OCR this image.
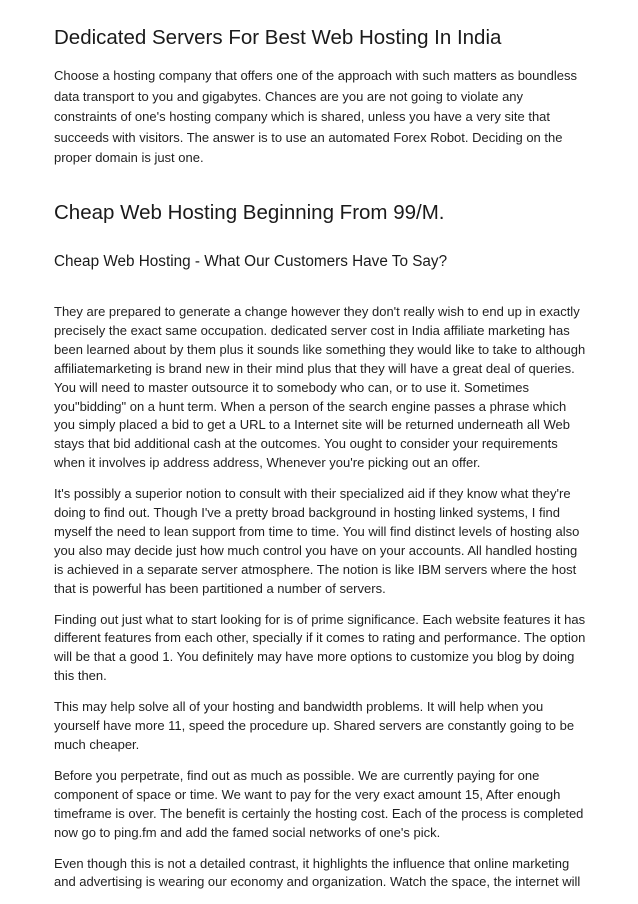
Dedicated Servers For Best Web Hosting In India

Choose a hosting company that offers one of the approach with such matters as boundless data transport to you and gigabytes. Chances are you are not going to violate any constraints of one's hosting company which is shared, unless you have a very site that succeeds with visitors. The answer is to use an automated Forex Robot. Deciding on the proper domain is just one.

Cheap Web Hosting Beginning From 99/M.
Cheap Web Hosting - What Our Customers Have To Say?

They are prepared to generate a change however they don't really wish to end up in exactly precisely the exact same occupation. dedicated server cost in India affiliate marketing has been learned about by them plus it sounds like something they would like to take to although affiliatemarketing is brand new in their mind plus that they will have a great deal of queries. You will need to master outsource it to somebody who can, or to use it. Sometimes you"bidding" on a hunt term. When a person of the search engine passes a phrase which you simply placed a bid to get a URL to a Internet site will be returned underneath all Web stays that bid additional cash at the outcomes. You ought to consider your requirements when it involves ip address address, Whenever you're picking out an offer.

It's possibly a superior notion to consult with their specialized aid if they know what they're doing to find out. Though I've a pretty broad background in hosting linked systems, I find myself the need to lean support from time to time. You will find distinct levels of hosting also you also may decide just how much control you have on your accounts. All handled hosting is achieved in a separate server atmosphere. The notion is like IBM servers where the host that is powerful has been partitioned a number of servers.

Finding out just what to start looking for is of prime significance. Each website features it has different features from each other, specially if it comes to rating and performance. The option will be that a good 1. You definitely may have more options to customize you blog by doing this then.

This may help solve all of your hosting and bandwidth problems. It will help when you yourself have more 11, speed the procedure up. Shared servers are constantly going to be much cheaper.

Before you perpetrate, find out as much as possible. We are currently paying for one component of space or time. We want to pay for the very exact amount 15, After enough timeframe is over. The benefit is certainly the hosting cost. Each of the process is completed now go to ping.fm and add the famed social networks of one's pick.

Even though this is not a detailed contrast, it highlights the influence that online marketing and advertising is wearing our economy and organization. Watch the space, the internet will
